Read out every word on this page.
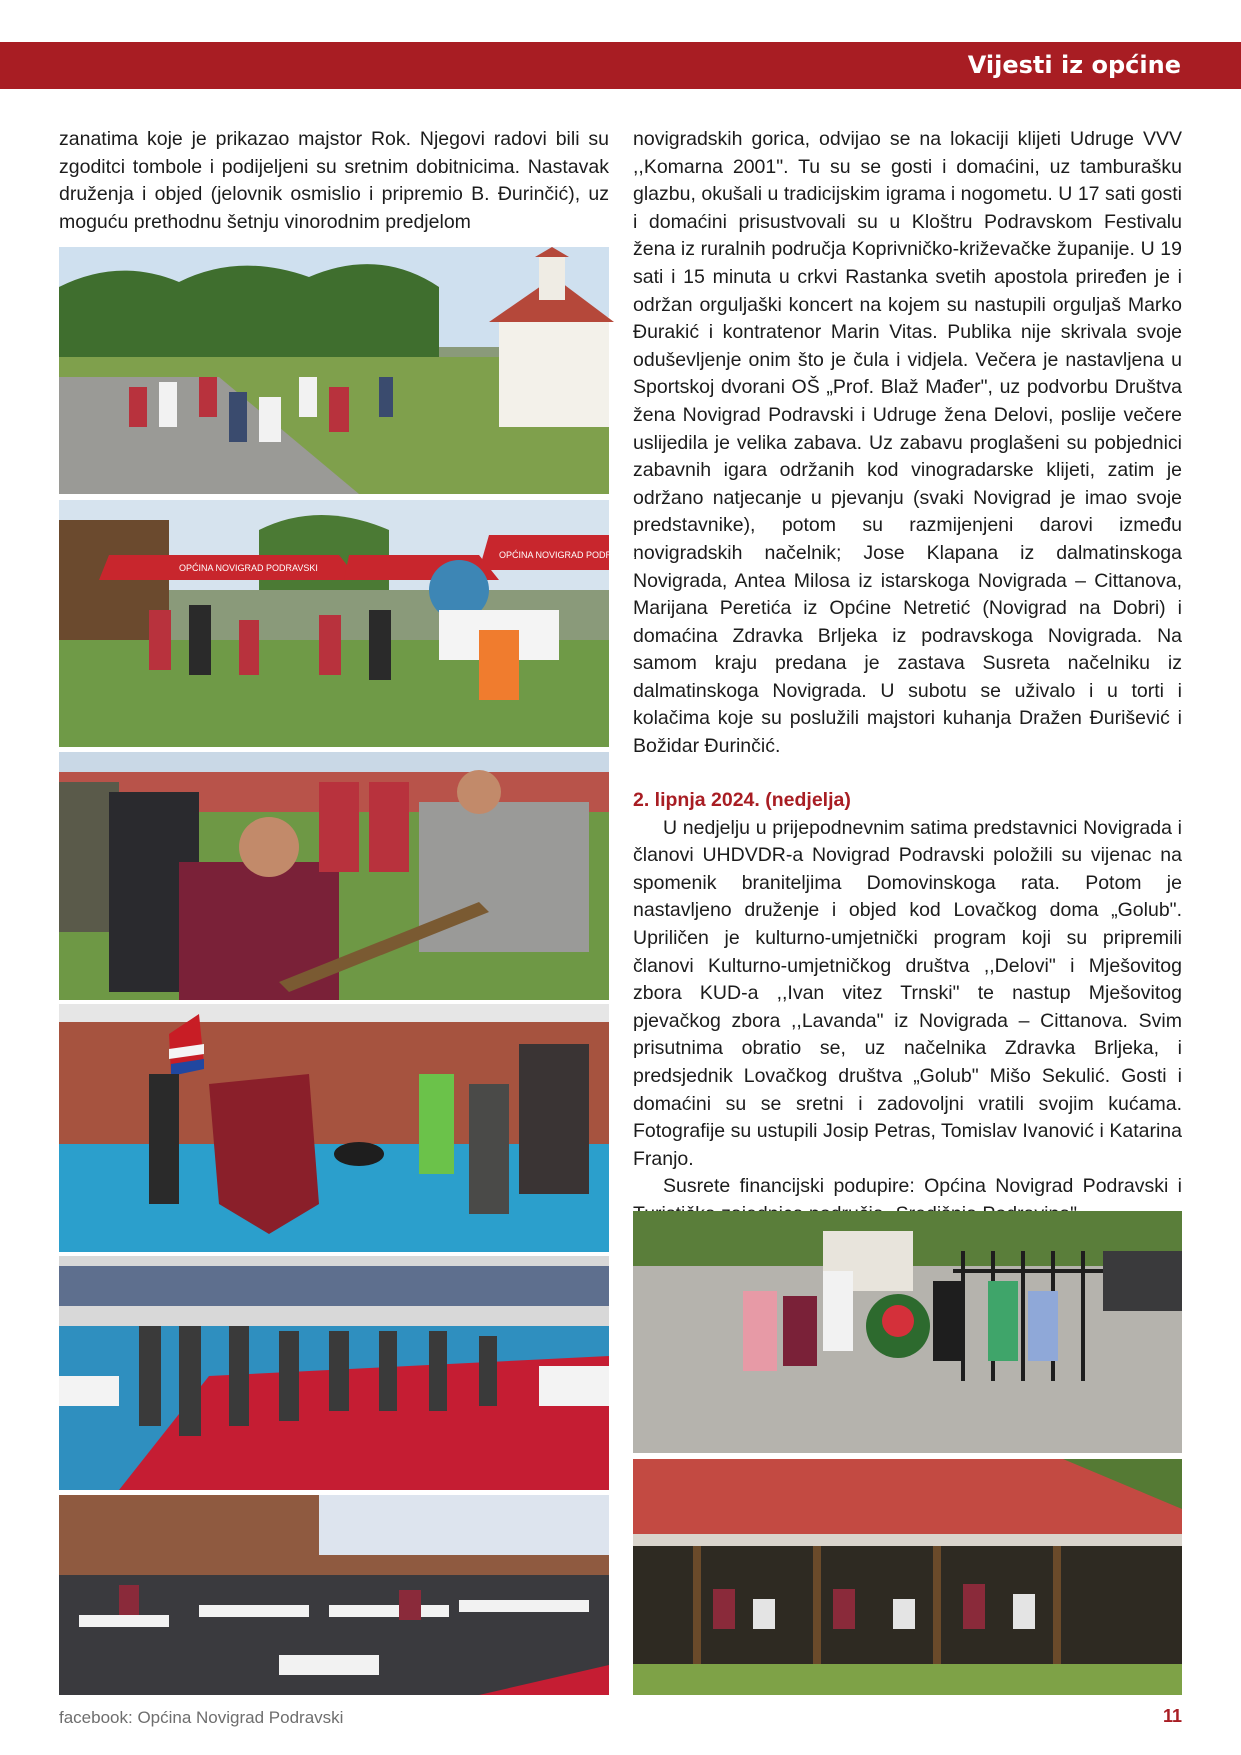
Vijesti iz općine

zanatima koje je prikazao majstor Rok. Njegovi radovi bili su zgoditci tombole i podijeljeni su sretnim dobitnicima. Nastavak druženja i objed (jelovnik osmislio i pripremio B. Đurinčić), uz moguću prethodnu šetnju vinorodnim predjelom

novigradskih gorica, odvijao se na lokaciji klijeti Udruge VVV ,,Komarna 2001". Tu su se gosti i domaćini, uz tamburašku glazbu, okušali u tradicijskim igrama i nogometu. U 17 sati gosti i domaćini prisustvovali su u Kloštru Podravskom Festivalu žena iz ruralnih područja Koprivničko-križevačke županije. U 19 sati i 15 minuta u crkvi Rastanka svetih apostola priređen je i održan orguljaški koncert na kojem su nastupili orguljaš Marko Đurakić i kontratenor Marin Vitas. Publika nije skrivala svoje oduševljenje onim što je čula i vidjela. Večera je nastavljena u Sportskoj dvorani OŠ „Prof. Blaž Mađer", uz podvorbu Društva žena Novigrad Podravski i Udruge žena Delovi, poslije večere uslijedila je velika zabava. Uz zabavu proglašeni su pobjednici zabavnih igara održanih kod vinogradarske klijeti, zatim je održano natjecanje u pjevanju (svaki Novigrad je imao svoje predstavnike), potom su razmijenjeni darovi između novigradskih načelnik; Jose Klapana iz dalmatinskoga Novigrada, Antea Milosa iz istarskoga Novigrada – Cittanova, Marijana Peretića iz Općine Netretić (Novigrad na Dobri) i domaćina Zdravka Brljeka iz podravskoga Novigrada. Na samom kraju predana je zastava Susreta načelniku iz dalmatinskoga Novigrada. U subotu se uživalo i u torti i kolačima koje su poslužili majstori kuhanja Dražen Đurišević i Božidar Đurinčić.

2. lipnja 2024. (nedjelja)

U nedjelju u prijepodnevnim satima predstavnici Novigrada i članovi UHDVDR-a Novigrad Podravski položili su vijenac na spomenik braniteljima Domovinskoga rata. Potom je nastavljeno druženje i objed kod Lovačkog doma „Golub". Upriličen je kulturno-umjetnički program koji su pripremili članovi Kulturno-umjetničkog društva ,,Delovi" i Mješovitog zbora KUD-a ,,Ivan vitez Trnski" te nastup Mješovitog pjevačkog zbora ,,Lavanda" iz Novigrada – Cittanova. Svim prisutnima obratio se, uz načelnika Zdravka Brljeka, i predsjednik Lovačkog društva „Golub" Mišo Sekulić. Gosti i domaćini su se sretni i zadovoljni vratili svojim kućama. Fotografije su ustupili Josip Petras, Tomislav Ivanović i Katarina Franjo.

Susrete financijski podupire: Općina Novigrad Podravski i

OPĆINA NOVIGRAD PODRAVSKI
OPĆINA NOVIGRAD PODRAVSKI
facebook: Općina Novigrad Podravski	11
